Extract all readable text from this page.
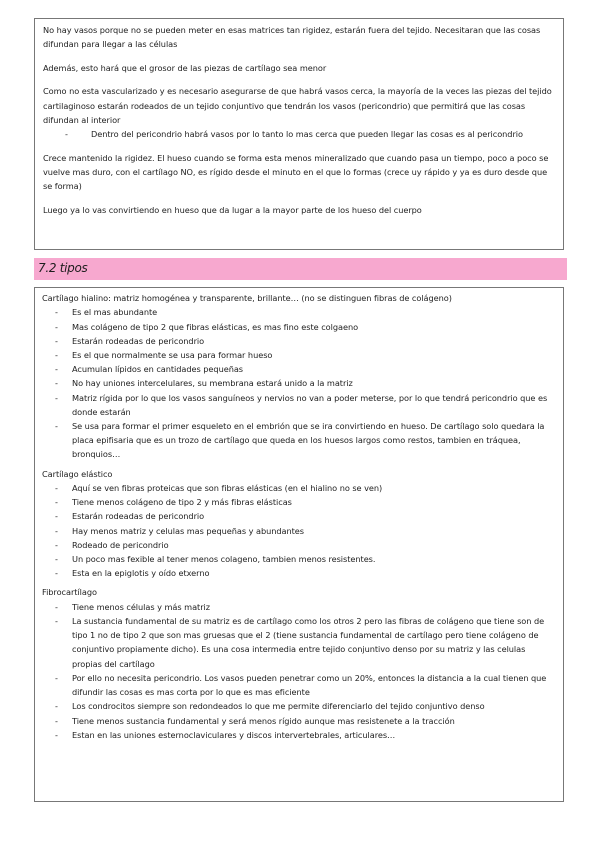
No hay vasos porque no se pueden meter en esas matrices tan rigidez, estarán fuera del tejido. Necesitaran que las cosas difundan para llegar a las células

Además, esto hará que el grosor de las piezas de cartílago sea menor

Como no esta vascularizado y es necesario asegurarse de que habrá vasos cerca, la mayoría de la veces las piezas del tejido cartilaginoso estarán rodeados de un tejido conjuntivo que tendrán los vasos (pericondrio) que permitirá que las cosas difundan al interior

- Dentro del pericondrio habrá vasos por lo tanto lo mas cerca que pueden llegar las cosas es al pericondrio

Crece mantenido la rigidez. El hueso cuando se forma esta menos mineralizado que cuando pasa un tiempo, poco a poco se vuelve mas duro, con el cartílago NO, es rígido desde el minuto en el que lo formas (crece uy rápido y ya es duro desde que se forma)

Luego ya lo vas convirtiendo en hueso que da lugar a la mayor parte de los hueso del cuerpo

7.2 tipos

Cartílago hialino: matriz homogénea y transparente, brillante… (no se distinguen fibras de colágeno)

- Es el mas abundante
- Mas colágeno de tipo 2 que fibras elásticas, es mas fino este colgaeno
- Estarán rodeadas de pericondrio
- Es el que normalmente se usa para formar hueso
- Acumulan lípidos en cantidades pequeñas
- No hay uniones intercelulares, su membrana estará unido a la matriz
- Matriz rígida por lo que los vasos sanguíneos y nervios no van a poder meterse, por lo que tendrá pericondrio que es donde estarán
- Se usa para formar el primer esqueleto en el embrión que se ira convirtiendo en hueso. De cartílago solo quedara la placa epifisaria que es un trozo de cartílago que queda en los huesos largos como restos, tambien en tráquea, bronquios…

Cartílago elástico

- Aquí se ven fibras proteicas que son fibras elásticas (en el hialino no se ven)
- Tiene menos colágeno de tipo 2 y más fibras elásticas
- Estarán rodeadas de pericondrio
- Hay menos matriz y celulas mas pequeñas y abundantes
- Rodeado de pericondrio
- Un poco mas fexible al tener menos colageno, tambien menos resistentes.
- Esta en la epiglotis y oído etxerno

Fibrocartílago

- Tiene menos células y más matriz
- La sustancia fundamental de su matriz es de cartílago como los otros 2 pero las fibras de colágeno que tiene son de tipo 1 no de tipo 2 que son mas gruesas que el 2 (tiene sustancia fundamental de cartílago pero tiene colágeno de conjuntivo propiamente dicho). Es una cosa intermedia entre tejido conjuntivo denso por su matriz y las celulas propias del cartílago
- Por ello no necesita pericondrio. Los vasos pueden penetrar como un 20%, entonces la distancia a la cual tienen que difundir las cosas es mas corta por lo que es mas eficiente
- Los condrocitos siempre son redondeados lo que me permite diferenciarlo del tejido conjuntivo denso
- Tiene menos sustancia fundamental y será menos rígido aunque mas resistenete a la tracción
- Estan en las uniones esternoclaviculares y discos intervertebrales, articulares…
